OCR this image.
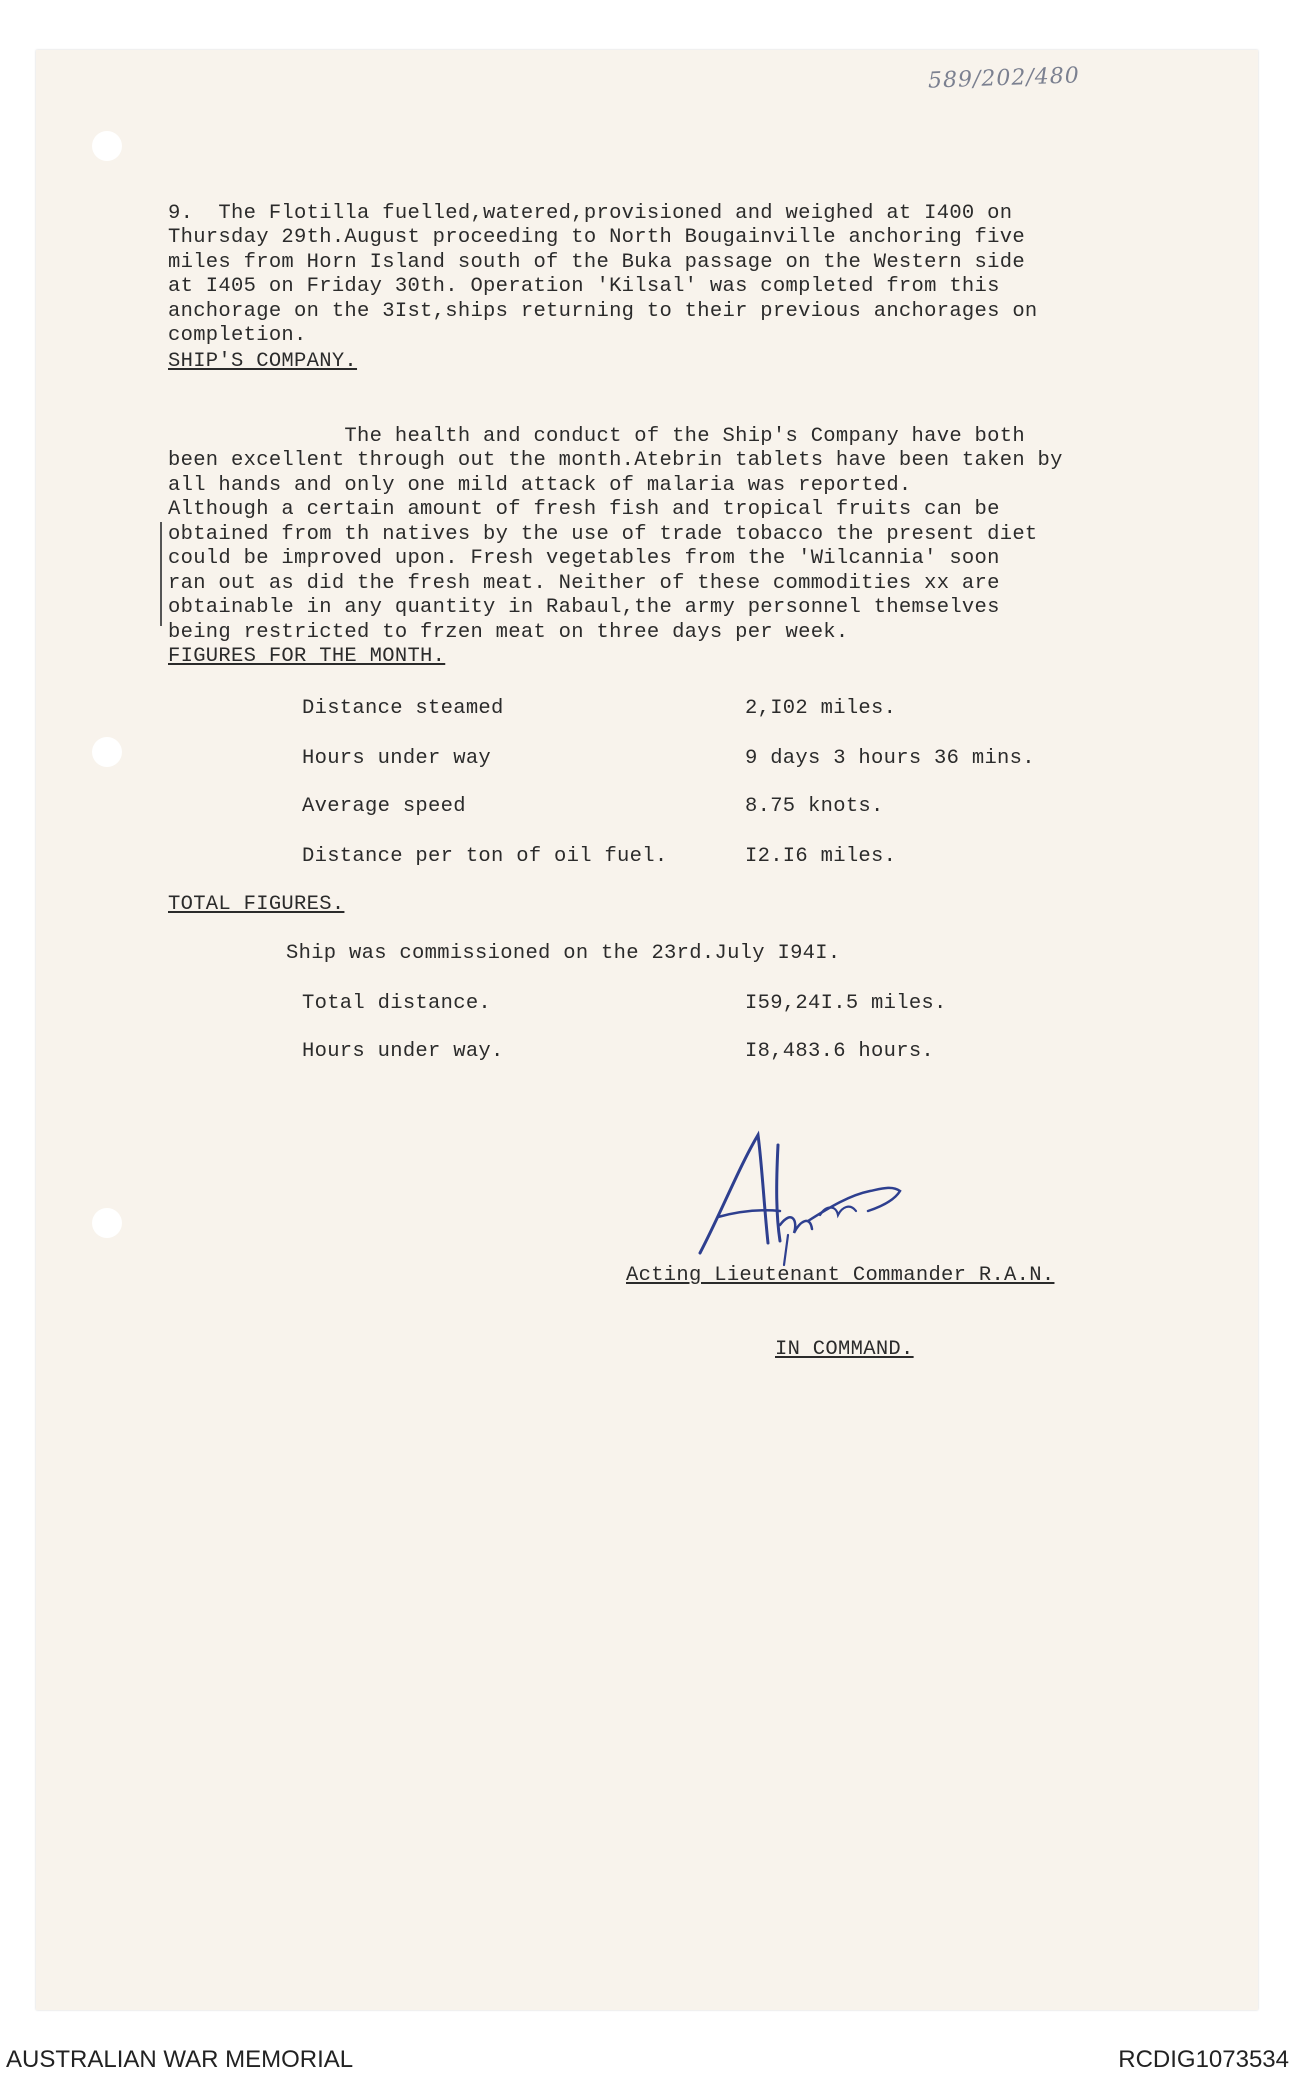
589/202/480

9.  The Flotilla fuelled,watered,provisioned and weighed at I400 on
Thursday 29th.August proceeding to North Bougainville anchoring five
miles from Horn Island south of the Buka passage on the Western side
at I405 on Friday 30th. Operation 'Kilsal' was completed from this
anchorage on the 3Ist,ships returning to their previous anchorages on
completion.

SHIP'S COMPANY.

The health and conduct of the Ship's Company have both
been excellent through out the month.Atebrin tablets have been taken by
all hands and only one mild attack of malaria was reported.
Although a certain amount of fresh fish and tropical fruits can be
obtained from th natives by the use of trade tobacco the present diet
could be improved upon. Fresh vegetables from the 'Wilcannia' soon
ran out as did the fresh meat. Neither of these commodities xx are
obtainable in any quantity in Rabaul,the army personnel themselves
being restricted to frzen meat on three days per week.

FIGURES FOR THE MONTH.
Distance steamed	2,I02 miles.
Hours under way	9 days 3 hours 36 mins.
Average speed	8.75 knots.
Distance per ton of oil fuel.	I2.I6 miles.
TOTAL FIGURES.
Ship was commissioned on the 23rd.July I94I.
Total distance.	I59,24I.5 miles.
Hours under way.	I8,483.6 hours.
Acting Lieutenant Commander R.A.N.
IN COMMAND.
AUSTRALIAN WAR MEMORIAL	RCDIG1073534
